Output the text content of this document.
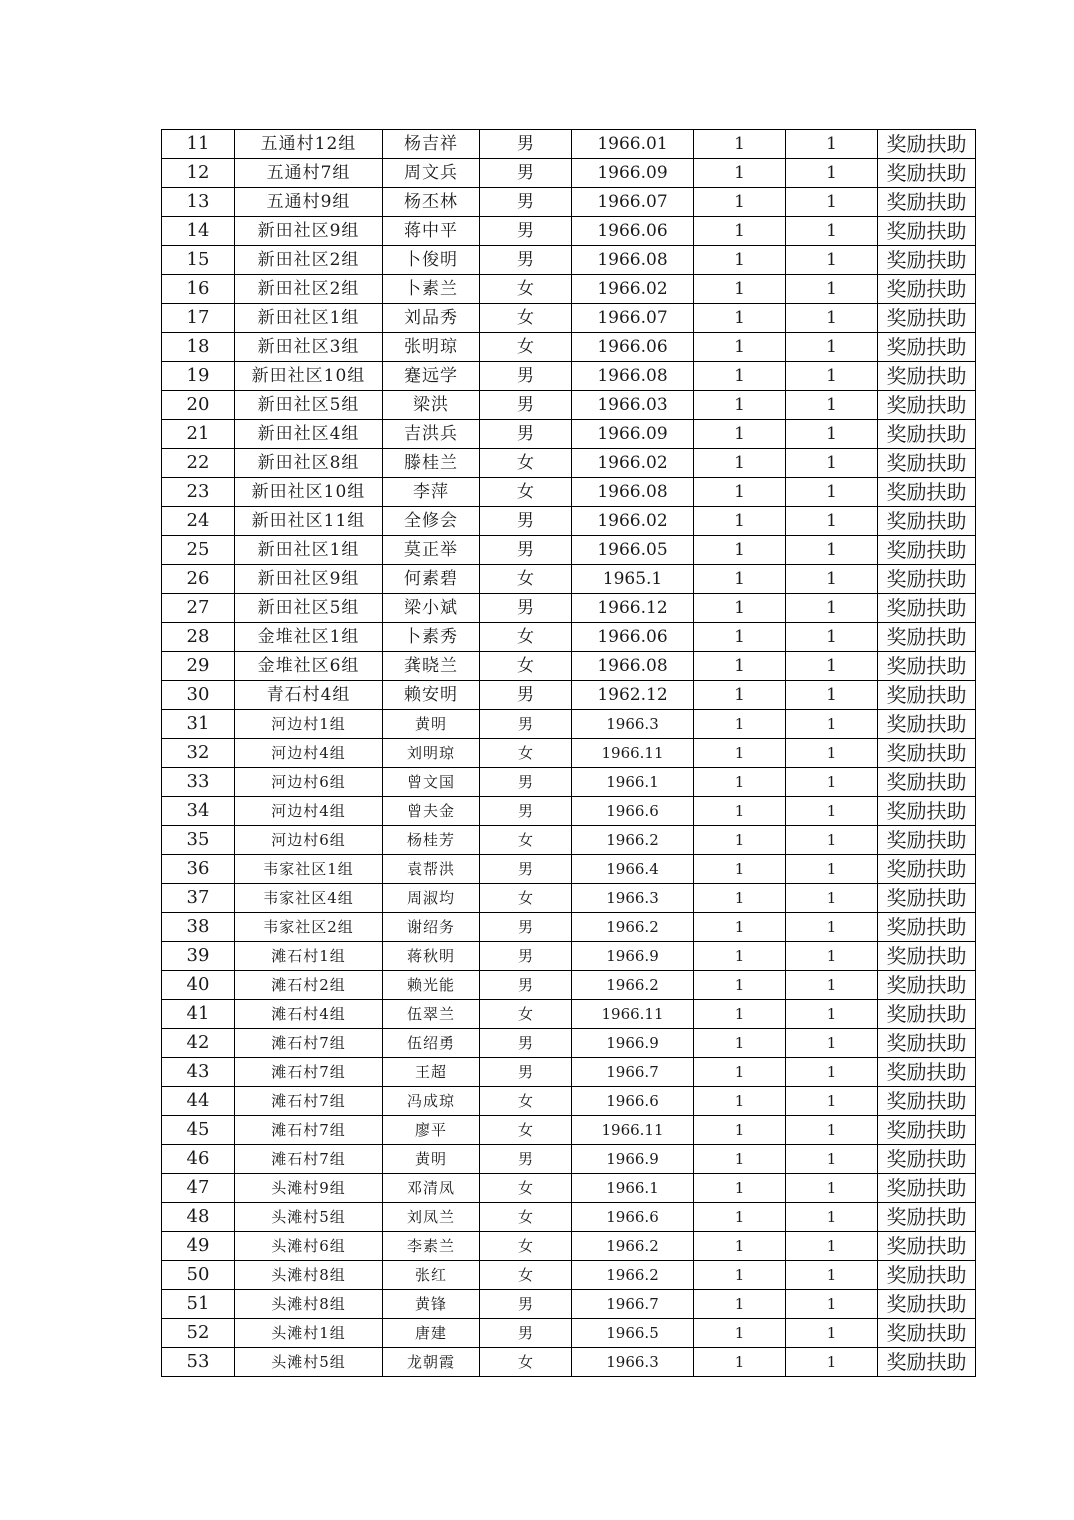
11	五通村12组	杨吉祥	男	1966.01	1	1	奖励扶助
12	五通村7组	周文兵	男	1966.09	1	1	奖励扶助
13	五通村9组	杨丕林	男	1966.07	1	1	奖励扶助
14	新田社区9组	蒋中平	男	1966.06	1	1	奖励扶助
15	新田社区2组	卜俊明	男	1966.08	1	1	奖励扶助
16	新田社区2组	卜素兰	女	1966.02	1	1	奖励扶助
17	新田社区1组	刘品秀	女	1966.07	1	1	奖励扶助
18	新田社区3组	张明琼	女	1966.06	1	1	奖励扶助
19	新田社区10组	蹇远学	男	1966.08	1	1	奖励扶助
20	新田社区5组	梁洪	男	1966.03	1	1	奖励扶助
21	新田社区4组	吉洪兵	男	1966.09	1	1	奖励扶助
22	新田社区8组	滕桂兰	女	1966.02	1	1	奖励扶助
23	新田社区10组	李萍	女	1966.08	1	1	奖励扶助
24	新田社区11组	全修会	男	1966.02	1	1	奖励扶助
25	新田社区1组	莫正举	男	1966.05	1	1	奖励扶助
26	新田社区9组	何素碧	女	1965.1	1	1	奖励扶助
27	新田社区5组	梁小斌	男	1966.12	1	1	奖励扶助
28	金堆社区1组	卜素秀	女	1966.06	1	1	奖励扶助
29	金堆社区6组	龚晓兰	女	1966.08	1	1	奖励扶助
30	青石村4组	赖安明	男	1962.12	1	1	奖励扶助
31	河边村1组	黄明	男	1966.3	1	1	奖励扶助
32	河边村4组	刘明琼	女	1966.11	1	1	奖励扶助
33	河边村6组	曾文国	男	1966.1	1	1	奖励扶助
34	河边村4组	曾夫金	男	1966.6	1	1	奖励扶助
35	河边村6组	杨桂芳	女	1966.2	1	1	奖励扶助
36	韦家社区1组	袁帮洪	男	1966.4	1	1	奖励扶助
37	韦家社区4组	周淑均	女	1966.3	1	1	奖励扶助
38	韦家社区2组	谢绍务	男	1966.2	1	1	奖励扶助
39	滩石村1组	蒋秋明	男	1966.9	1	1	奖励扶助
40	滩石村2组	赖光能	男	1966.2	1	1	奖励扶助
41	滩石村4组	伍翠兰	女	1966.11	1	1	奖励扶助
42	滩石村7组	伍绍勇	男	1966.9	1	1	奖励扶助
43	滩石村7组	王超	男	1966.7	1	1	奖励扶助
44	滩石村7组	冯成琼	女	1966.6	1	1	奖励扶助
45	滩石村7组	廖平	女	1966.11	1	1	奖励扶助
46	滩石村7组	黄明	男	1966.9	1	1	奖励扶助
47	头滩村9组	邓清凤	女	1966.1	1	1	奖励扶助
48	头滩村5组	刘凤兰	女	1966.6	1	1	奖励扶助
49	头滩村6组	李素兰	女	1966.2	1	1	奖励扶助
50	头滩村8组	张红	女	1966.2	1	1	奖励扶助
51	头滩村8组	黄锋	男	1966.7	1	1	奖励扶助
52	头滩村1组	唐建	男	1966.5	1	1	奖励扶助
53	头滩村5组	龙朝霞	女	1966.3	1	1	奖励扶助
